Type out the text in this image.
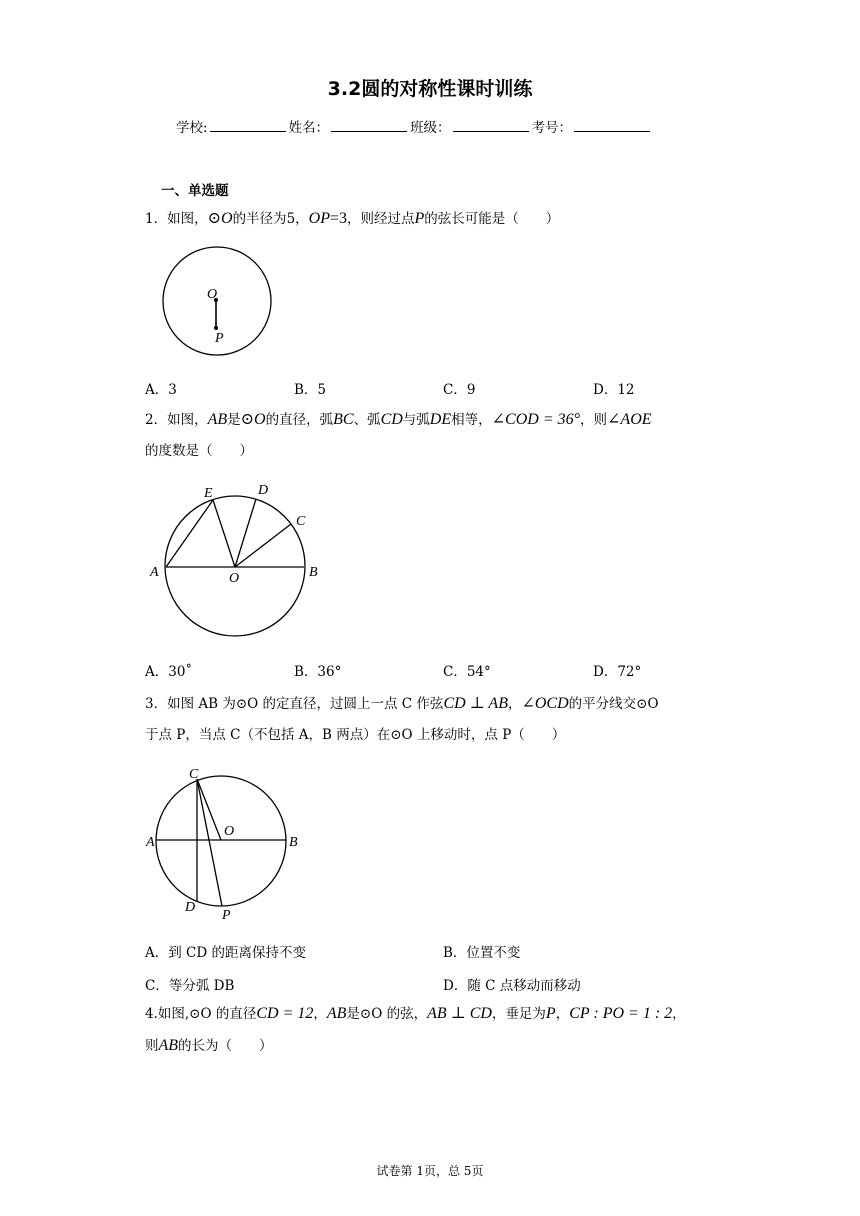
3.2圆的对称性课时训练
学校:	姓名：	班级：	考号：
一、单选题
1．如图，⊙O的半径为5，OP=3，则经过点P的弦长可能是（　　）
O
P
A．3	B．5	C．9	D．12
2．如图，AB是⊙O的直径，弧BC、弧CD与弧DE相等，∠COD = 36°，则∠AOE
的度数是（　　）
A	B
C
D
E
O
A．30˚	B．36°	C．54°	D．72°
3．如图 AB 为⊙O 的定直径，过圆上一点 C 作弦CD ⊥ AB，∠OCD的平分线交⊙O
于点 P，当点 C（不包括 A，B 两点）在⊙O 上移动时，点 P（　　）
C
A	B
O
D
P
A．到 CD 的距离保持不变	B．位置不变
C．等分弧 DB	D．随 C 点移动而移动
4.如图,⊙O 的直径CD = 12，AB是⊙O 的弦，AB ⊥ CD，垂足为P，CP : PO = 1 : 2，
则AB的长为（　　）
试卷第 1页，总 5页
